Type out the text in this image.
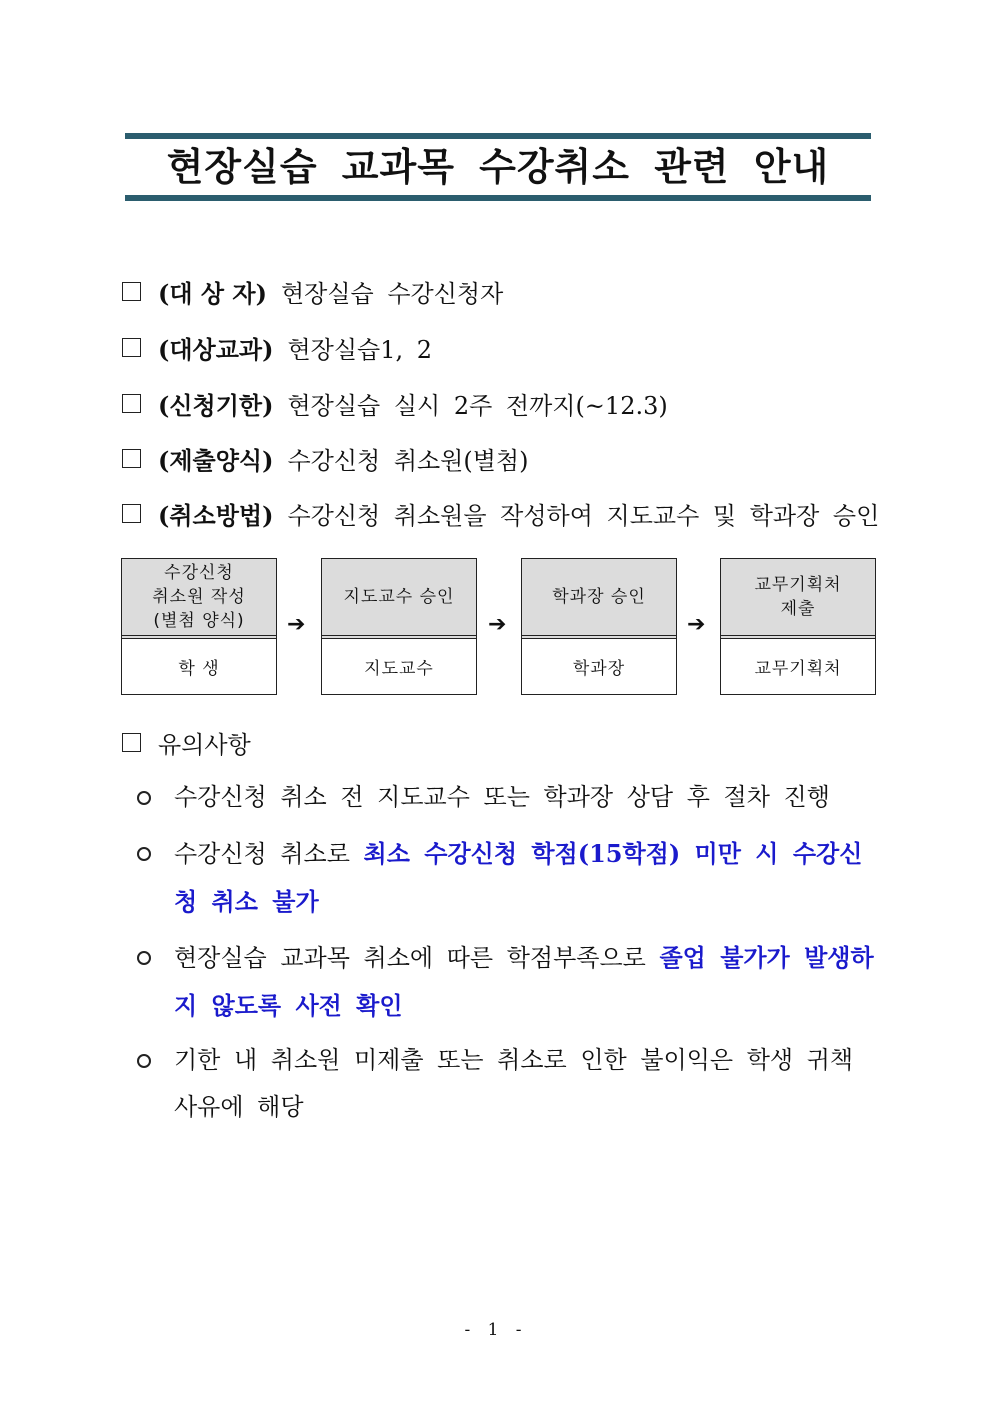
현장실습 교과목 수강취소 관련 안내
(대 상 자) 현장실습 수강신청자
(대상교과) 현장실습1, 2
(신청기한) 현장실습 실시 2주 전까지(~12.3)
(제출양식) 수강신청 취소원(별첨)
(취소방법) 수강신청 취소원을 작성하여 지도교수 및 학과장 승인
수강신청
취소원 작성
(별첨 양식)
학 생
➔
지도교수 승인
지도교수
➔
학과장 승인
학과장
➔
교무기획처
제출
교무기획처
유의사항
수강신청 취소 전 지도교수 또는 학과장 상담 후 절차 진행
수강신청 취소로 최소 수강신청 학점(15학점) 미만 시 수강신청 취소 불가
현장실습 교과목 취소에 따른 학점부족으로 졸업 불가가 발생하지 않도록 사전 확인
기한 내 취소원 미제출 또는 취소로 인한 불이익은 학생 귀책사유에 해당
- 1 -
